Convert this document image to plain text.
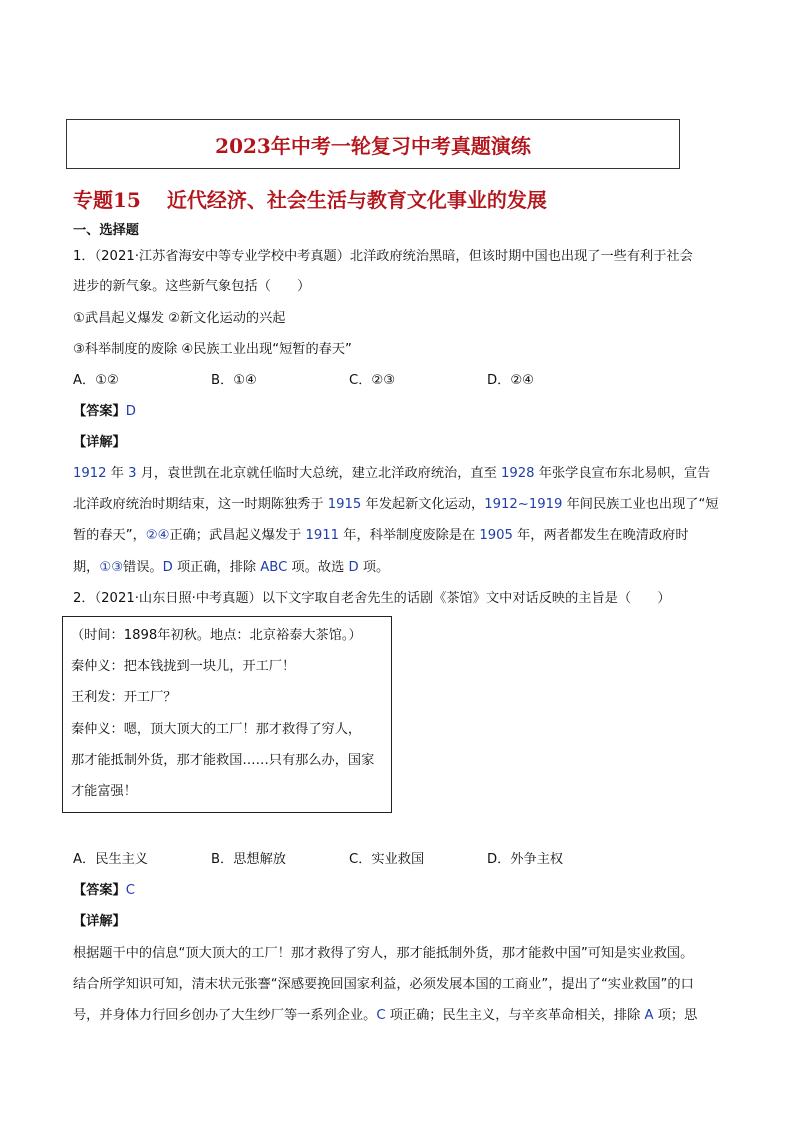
2023年中考一轮复习中考真题演练
专题15 近代经济、社会生活与教育文化事业的发展
一、选择题
1．（2021·江苏省海安中等专业学校中考真题）北洋政府统治黑暗，但该时期中国也出现了一些有利于社会
进步的新气象。这些新气象包括（　　）
①武昌起义爆发 ②新文化运动的兴起
③科举制度的废除 ④民族工业出现“短暂的春天”
A．①②	B．①④	C．②③	D．②④
【答案】D
【详解】
1912 年 3 月，袁世凯在北京就任临时大总统，建立北洋政府统治，直至 1928 年张学良宣布东北易帜，宣告
北洋政府统治时期结束，这一时期陈独秀于 1915 年发起新文化运动，1912~1919 年间民族工业也出现了“短
暂的春天”，②④正确；武昌起义爆发于 1911 年，科举制度废除是在 1905 年，两者都发生在晚清政府时
期，①③错误。D 项正确，排除 ABC 项。故选 D 项。
2．（2021·山东日照·中考真题）以下文字取自老舍先生的话剧《茶馆》文中对话反映的主旨是（　　）
（时间：1898年初秋。地点：北京裕泰大茶馆。）
秦仲义：把本钱拢到一块儿，开工厂！
王利发：开工厂？
秦仲义：嗯，顶大顶大的工厂！那才救得了穷人，
那才能抵制外货，那才能救国……只有那么办，国家
才能富强！
A．民生主义	B．思想解放	C．实业救国	D．外争主权
【答案】C
【详解】
根据题干中的信息“顶大顶大的工厂！那才救得了穷人，那才能抵制外货，那才能救中国”可知是实业救国。
结合所学知识可知，清末状元张謇“深感要挽回国家利益，必须发展本国的工商业”，提出了“实业救国”的口
号，并身体力行回乡创办了大生纱厂等一系列企业。C 项正确；民生主义，与辛亥革命相关，排除 A 项；思
